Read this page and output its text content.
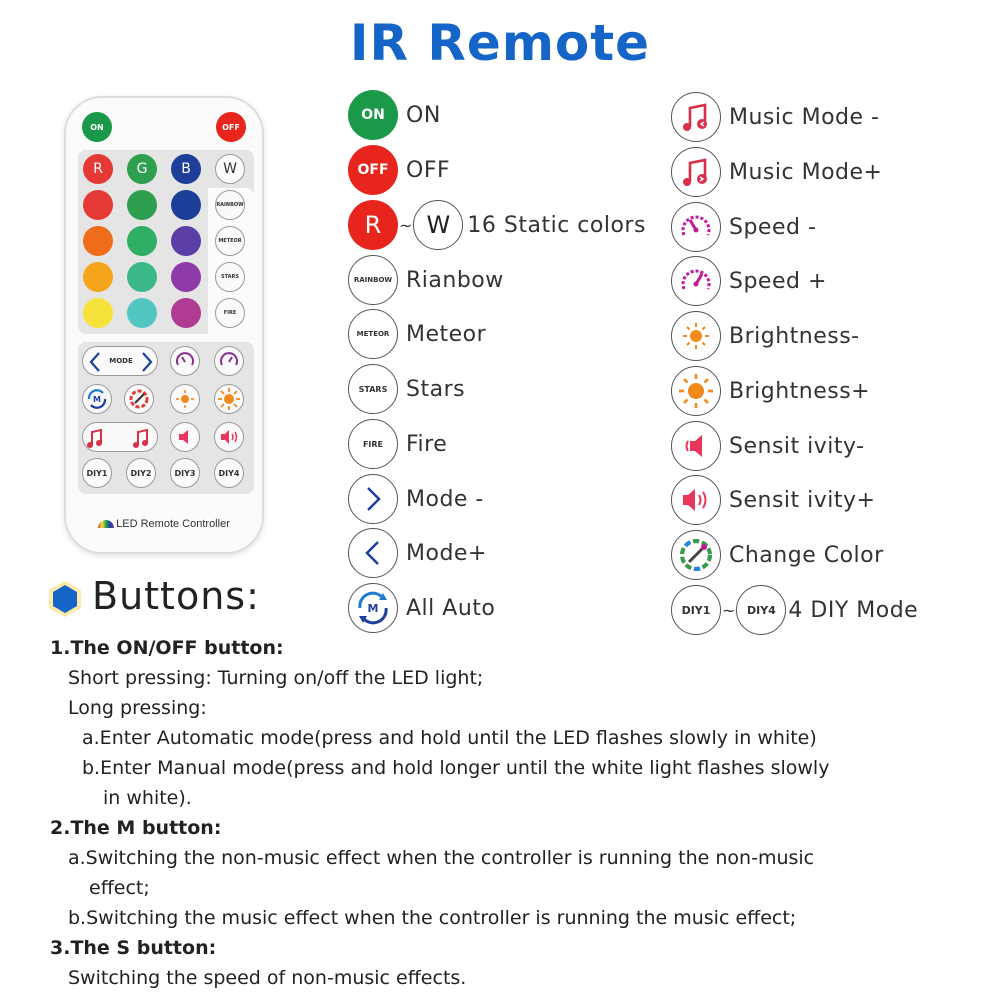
IR Remote
ON	OFF
R	G	B	W
RAINBOW
METEOR
STARS
FIRE
MODE
M
DIY1	DIY2	DIY3	DIY4
LED Remote Controller
ON ON
OFF OFF
R	~ W 16 Static colors
RAINBOW Rianbow
METEOR Meteor
STARS Stars
FIRE	Fire
Mode -
Mode+
M All Auto
Music Mode -
Music Mode+
Speed -
Speed +
Brightness-
Brightness+
Sensit ivity-
Sensit ivity+
Change Color
DIY1 ~	DIY4 4 DIY Mode
Buttons:
1.The ON/OFF button:
Short pressing: Turning on/off the LED light;
Long pressing:
a.Enter Automatic mode(press and hold until the LED flashes slowly in white)
b.Enter Manual mode(press and hold longer until the white light flashes slowly
in white).
2.The M button:
a.Switching the non-music effect when the controller is running the non-music
effect;
b.Switching the music effect when the controller is running the music effect;
3.The S button:
Switching the speed of non-music effects.
